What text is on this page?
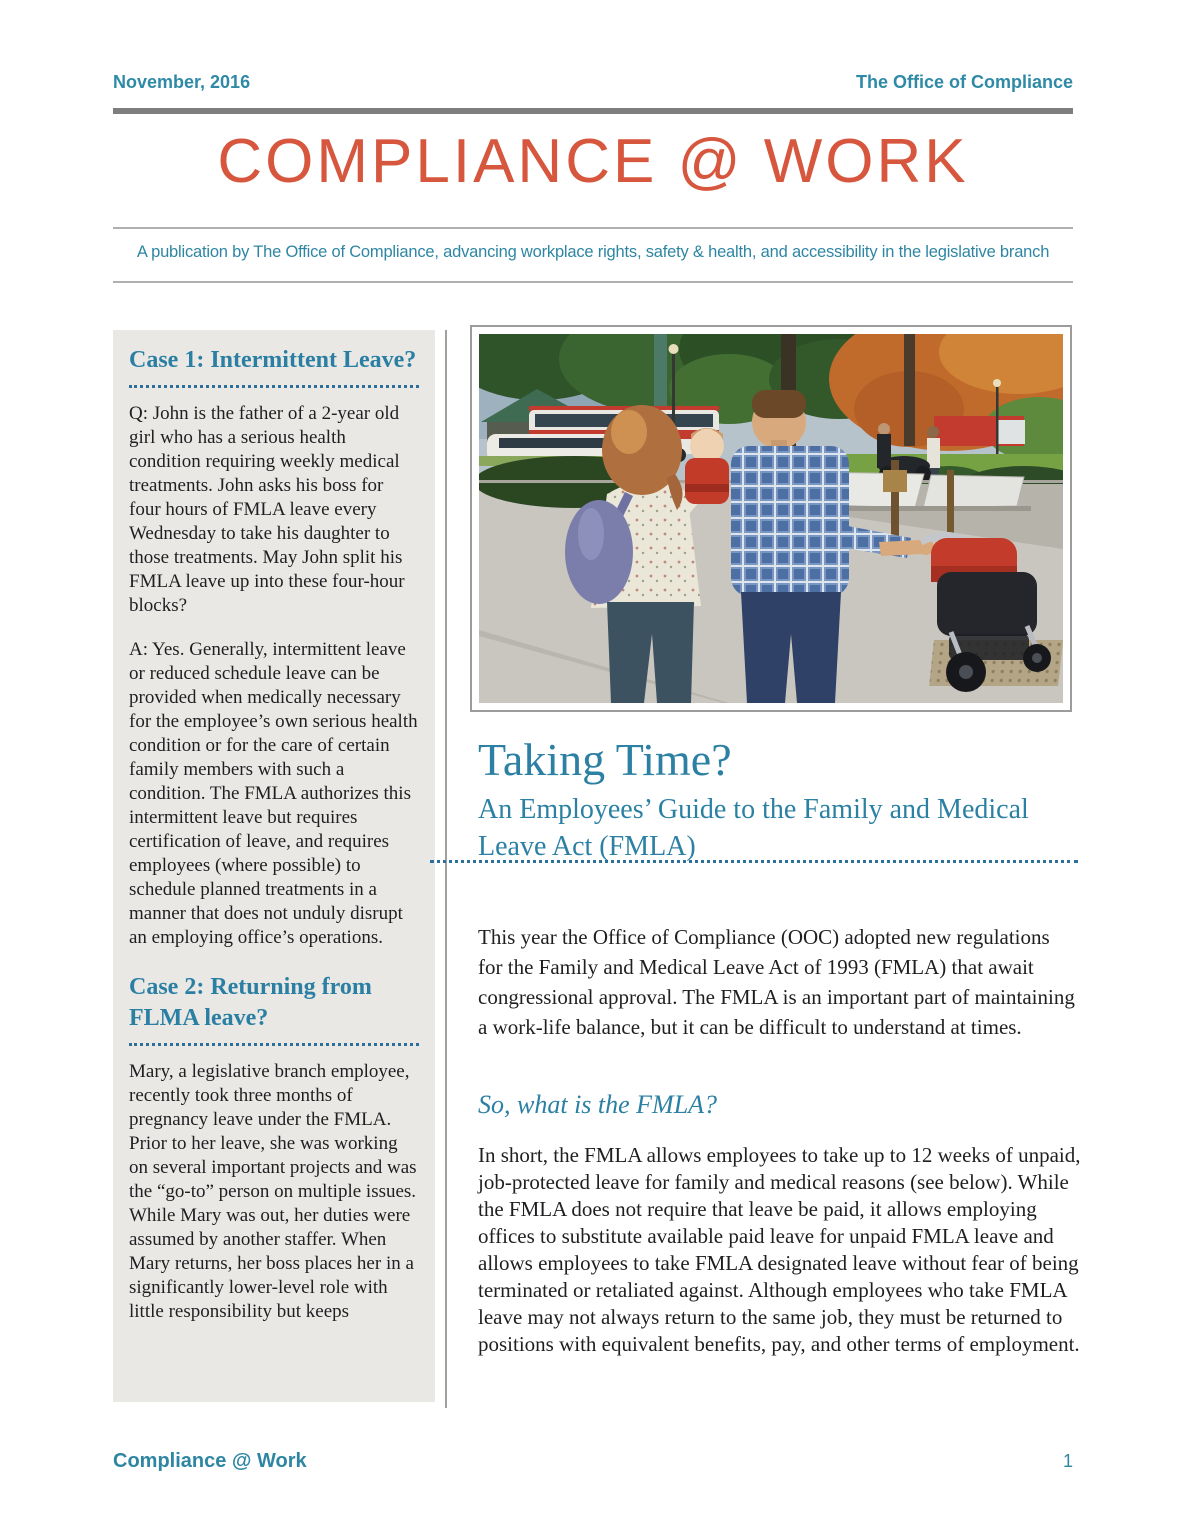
November, 2016	The Office of Compliance
COMPLIANCE @ WORK
A publication by The Office of Compliance, advancing workplace rights, safety & health, and accessibility in the legislative branch
Case 1: Intermittent Leave?

Q: John is the father of a 2-year old girl who has a serious health condition requiring weekly medical treatments. John asks his boss for four hours of FMLA leave every Wednesday to take his daughter to those treatments. May John split his FMLA leave up into these four-hour blocks?

A: Yes. Generally, intermittent leave or reduced schedule leave can be provided when medically necessary for the employee’s own serious health condition or for the care of certain family members with such a condition. The FMLA authorizes this intermittent leave but requires certification of leave, and requires employees (where possible) to schedule planned treatments in a manner that does not unduly disrupt an employing office’s operations.

Case 2: Returning from FLMA leave?

Mary, a legislative branch employee, recently took three months of pregnancy leave under the FMLA. Prior to her leave, she was working on several important projects and was the “go-to” person on multiple issues. While Mary was out, her duties were assumed by another staffer. When Mary returns, her boss places her in a significantly lower-level role with little responsibility but keeps

Taking Time?
An Employees’ Guide to the Family and Medical Leave Act (FMLA)

This year the Office of Compliance (OOC) adopted new regulations for the Family and Medical Leave Act of 1993 (FMLA) that await congressional approval. The FMLA is an important part of maintaining a work-life balance, but it can be difficult to understand at times.

So, what is the FMLA?

In short, the FMLA allows employees to take up to 12 weeks of unpaid, job-protected leave for family and medical reasons (see below). While the FMLA does not require that leave be paid, it allows employing offices to substitute available paid leave for unpaid FMLA leave and allows employees to take FMLA designated leave without fear of being terminated or retaliated against. Although employees who take FMLA leave may not always return to the same job, they must be returned to positions with equivalent benefits, pay, and other terms of employment.

Compliance @ Work	1
